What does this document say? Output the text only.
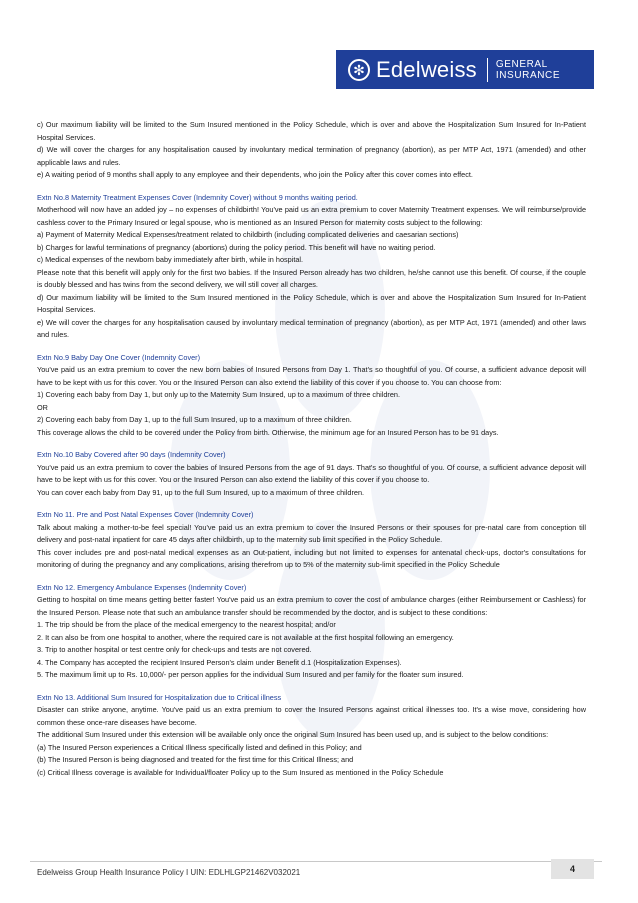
✻ Edelweiss GENERAL
INSURANCE

c) Our maximum liability will be limited to the Sum Insured mentioned in the Policy Schedule, which is over and above the Hospitalization Sum Insured for In-Patient Hospital Services.

d) We will cover the charges for any hospitalisation caused by involuntary medical termination of pregnancy (abortion), as per MTP Act, 1971 (amended) and other applicable laws and rules.

e) A waiting period of 9 months shall apply to any employee and their dependents, who join the Policy after this cover comes into effect.

Extn No.8 Maternity Treatment Expenses Cover (Indemnity Cover) without 9 months waiting period.

Motherhood will now have an added joy – no expenses of childbirth! You've paid us an extra premium to cover Maternity Treatment expenses. We will reimburse/provide cashless cover to the Primary Insured or legal spouse, who is mentioned as an Insured Person for maternity costs subject to the following:

a) Payment of Maternity Medical Expenses/treatment related to childbirth (including complicated deliveries and caesarian sections)

b) Charges for lawful terminations of pregnancy (abortions) during the policy period. This benefit will have no waiting period.

c) Medical expenses of the newborn baby immediately after birth, while in hospital.

Please note that this benefit will apply only for the first two babies. If the Insured Person already has two children, he/she cannot use this benefit. Of course, if the couple is doubly blessed and has twins from the second delivery, we will still cover all charges.

d) Our maximum liability will be limited to the Sum Insured mentioned in the Policy Schedule, which is over and above the Hospitalization Sum Insured for In-Patient Hospital Services.

e) We will cover the charges for any hospitalisation caused by involuntary medical termination of pregnancy (abortion), as per MTP Act, 1971 (amended) and other laws and rules.

Extn No.9 Baby Day One Cover (Indemnity Cover)

You've paid us an extra premium to cover the new born babies of Insured Persons from Day 1. That's so thoughtful of you. Of course, a sufficient advance deposit will have to be kept with us for this cover. You or the Insured Person can also extend the liability of this cover if you choose to. You can choose from:

1) Covering each baby from Day 1, but only up to the Maternity Sum Insured, up to a maximum of three children.

OR

2) Covering each baby from Day 1, up to the full Sum Insured, up to a maximum of three children.

This coverage allows the child to be covered under the Policy from birth. Otherwise, the minimum age for an Insured Person has to be 91 days.

Extn No.10 Baby Covered after 90 days (Indemnity Cover)

You've paid us an extra premium to cover the babies of Insured Persons from the age of 91 days. That's so thoughtful of you. Of course, a sufficient advance deposit will have to be kept with us for this cover. You or the Insured Person can also extend the liability of this cover if you choose to.

You can cover each baby from Day 91, up to the full Sum Insured, up to a maximum of three children.

Extn No 11. Pre and Post Natal Expenses Cover (Indemnity Cover)

Talk about making a mother-to-be feel special! You've paid us an extra premium to cover the Insured Persons or their spouses for pre-natal care from conception till delivery and post-natal inpatient for care 45 days after childbirth, up to the maternity sub limit specified in the Policy Schedule.

This cover includes pre and post-natal medical expenses as an Out-patient, including but not limited to expenses for antenatal check-ups, doctor's consultations for monitoring of during the pregnancy and any complications, arising therefrom up to 5% of the maternity sub-limit specified in the Policy Schedule

Extn No 12. Emergency Ambulance Expenses (Indemnity Cover)

Getting to hospital on time means getting better faster! You've paid us an extra premium to cover the cost of ambulance charges (either Reimbursement or Cashless) for the Insured Person. Please note that such an ambulance transfer should be recommended by the doctor, and is subject to these conditions:

1. The trip should be from the place of the medical emergency to the nearest hospital; and/or

2. It can also be from one hospital to another, where the required care is not available at the first hospital following an emergency.

3. Trip to another hospital or test centre only for check-ups and tests are not covered.

4. The Company has accepted the recipient Insured Person's claim under Benefit d.1 (Hospitalization Expenses).

5. The maximum limit up to Rs. 10,000/- per person applies for the individual Sum Insured and per family for the floater sum insured.

Extn No 13. Additional Sum Insured for Hospitalization due to Critical illness

Disaster can strike anyone, anytime. You've paid us an extra premium to cover the Insured Persons against critical illnesses too. It's a wise move, considering how common these once-rare diseases have become.

The additional Sum Insured under this extension will be available only once the original Sum Insured has been used up, and is subject to the below conditions:

(a) The Insured Person experiences a Critical Illness specifically listed and defined in this Policy; and

(b) The Insured Person is being diagnosed and treated for the first time for this Critical Illness; and

(c) Critical Illness coverage is available for Individual/floater Policy up to the Sum Insured as mentioned in the Policy Schedule

Edelweiss Group Health Insurance Policy I UIN: EDLHLGP21462V032021	4
